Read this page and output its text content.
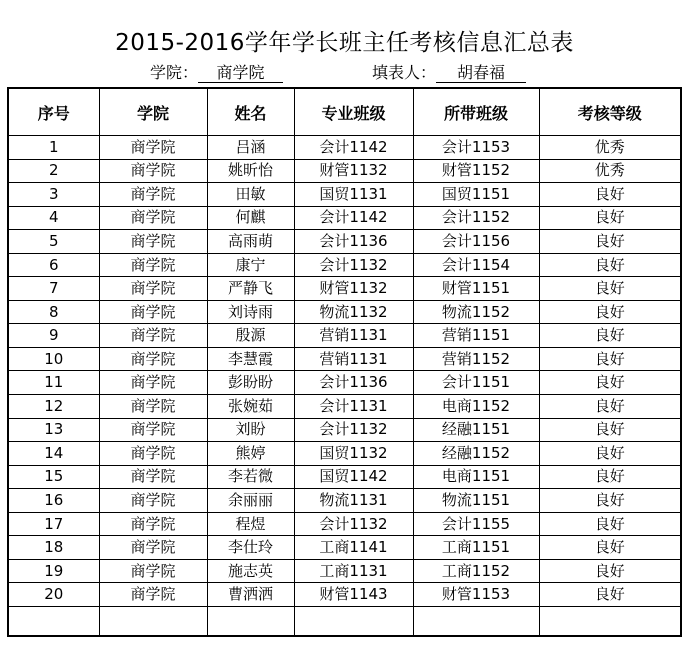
2015-2016学年学长班主任考核信息汇总表
学院： 商学院	填表人： 胡春福
序号	学院	姓名	专业班级	所带班级	考核等级
1	商学院	吕涵	会计1142	会计1153	优秀
2	商学院	姚昕怡	财管1132	财管1152	优秀
3	商学院	田敏	国贸1131	国贸1151	良好
4	商学院	何麒	会计1142	会计1152	良好
5	商学院	高雨萌	会计1136	会计1156	良好
6	商学院	康宁	会计1132	会计1154	良好
7	商学院	严静飞	财管1132	财管1151	良好
8	商学院	刘诗雨	物流1132	物流1152	良好
9	商学院	殷源	营销1131	营销1151	良好
10	商学院	李慧霞	营销1131	营销1152	良好
11	商学院	彭盼盼	会计1136	会计1151	良好
12	商学院	张婉茹	会计1131	电商1152	良好
13	商学院	刘盼	会计1132	经融1151	良好
14	商学院	熊婷	国贸1132	经融1152	良好
15	商学院	李若微	国贸1142	电商1151	良好
16	商学院	余丽丽	物流1131	物流1151	良好
17	商学院	程煜	会计1132	会计1155	良好
18	商学院	李仕玲	工商1141	工商1151	良好
19	商学院	施志英	工商1131	工商1152	良好
20	商学院	曹洒洒	财管1143	财管1153	良好
